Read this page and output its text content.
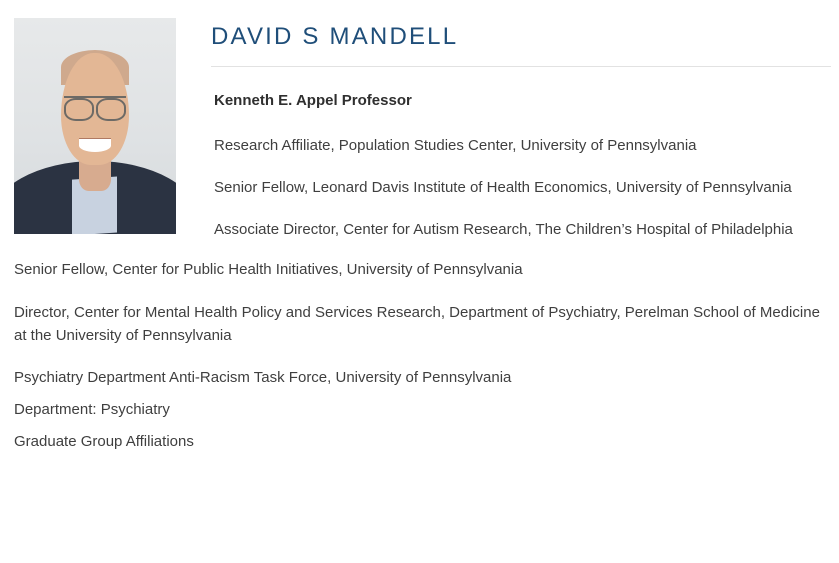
DAVID S MANDELL

Kenneth E. Appel Professor

Research Affiliate, Population Studies Center, University of Pennsylvania

Senior Fellow, Leonard Davis Institute of Health Economics, University of Pennsylvania

Associate Director, Center for Autism Research, The Children’s Hospital of Philadelphia

Senior Fellow, Center for Public Health Initiatives, University of Pennsylvania

Director, Center for Mental Health Policy and Services Research, Department of Psychiatry, Perelman School of Medicine at the University of Pennsylvania

Psychiatry Department Anti-Racism Task Force, University of Pennsylvania

Department: Psychiatry

Graduate Group Affiliations
